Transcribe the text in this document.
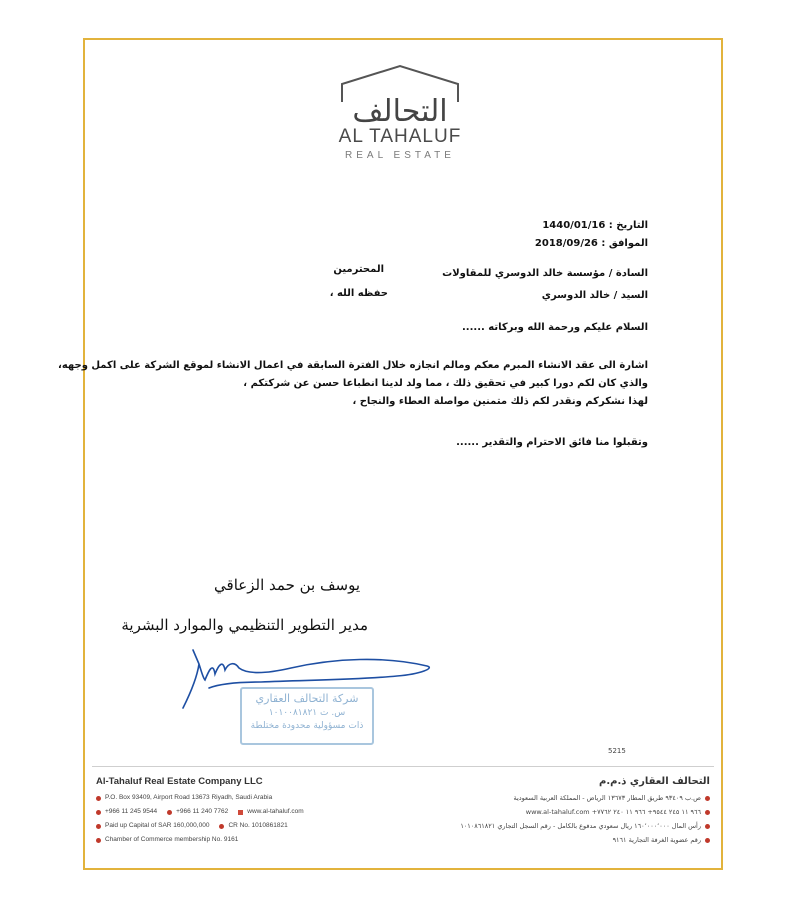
التحالف
AL TAHALUF
REAL ESTATE
التاريخ : 1440/01/16
الموافق : 2018/09/26
السادة / مؤسسة خالد الدوسري للمقاولات
المحترمين
السيد / خالد الدوسري
حفظه الله ،
السلام عليكم ورحمة الله وبركاته ......
اشارة الى عقد الانشاء المبرم معكم ومالم انجازه خلال الفترة السابقة في اعمال الانشاء لموقع الشركة على اكمل وجهه،
والذي كان لكم دورا كبير في تحقيق ذلك ، مما ولد لدينا انطباعا حسن عن شركتكم ،
لهذا نشكركم ونقدر لكم ذلك متمنين مواصلة العطاء والنجاح ،
وتقبلوا منا فائق الاحترام والتقدير ......
يوسف بن حمد الزعاقي
مدير التطوير التنظيمي والموارد البشرية
شركة التحالف العقاري
س. ت ١٠١٠٠٨١٨٢١
ذات مسؤولية محدودة مختلطة
5215
Al-Tahaluf Real Estate Company LLC
P.O. Box 93409, Airport Road 13673 Riyadh, Saudi Arabia
+966 11 245 9544	+966 11 240 7762	www.al-tahaluf.com
Paid up Capital of SAR 160,000,000	CR No. 1010861821
Chamber of Commerce membership No. 9161
التحالف العقاري ذ.م.م
ص.ب ٩٣٤٠٩ طريق المطار ١٣٦٧٣ الرياض - المملكة العربية السعودية
٩٦٦ ١١ ٢٤٥ ٩٥٤٤+ ٩٦٦ ١١ ٢٤٠ ٧٧٦٢+ www.al-tahaluf.com
رأس المال ١٦٠٬٠٠٠٬٠٠٠ ريال سعودي مدفوع بالكامل - رقم السجل التجاري ١٠١٠٨٦١٨٢١
رقم عضوية الغرفة التجارية ٩١٦١
